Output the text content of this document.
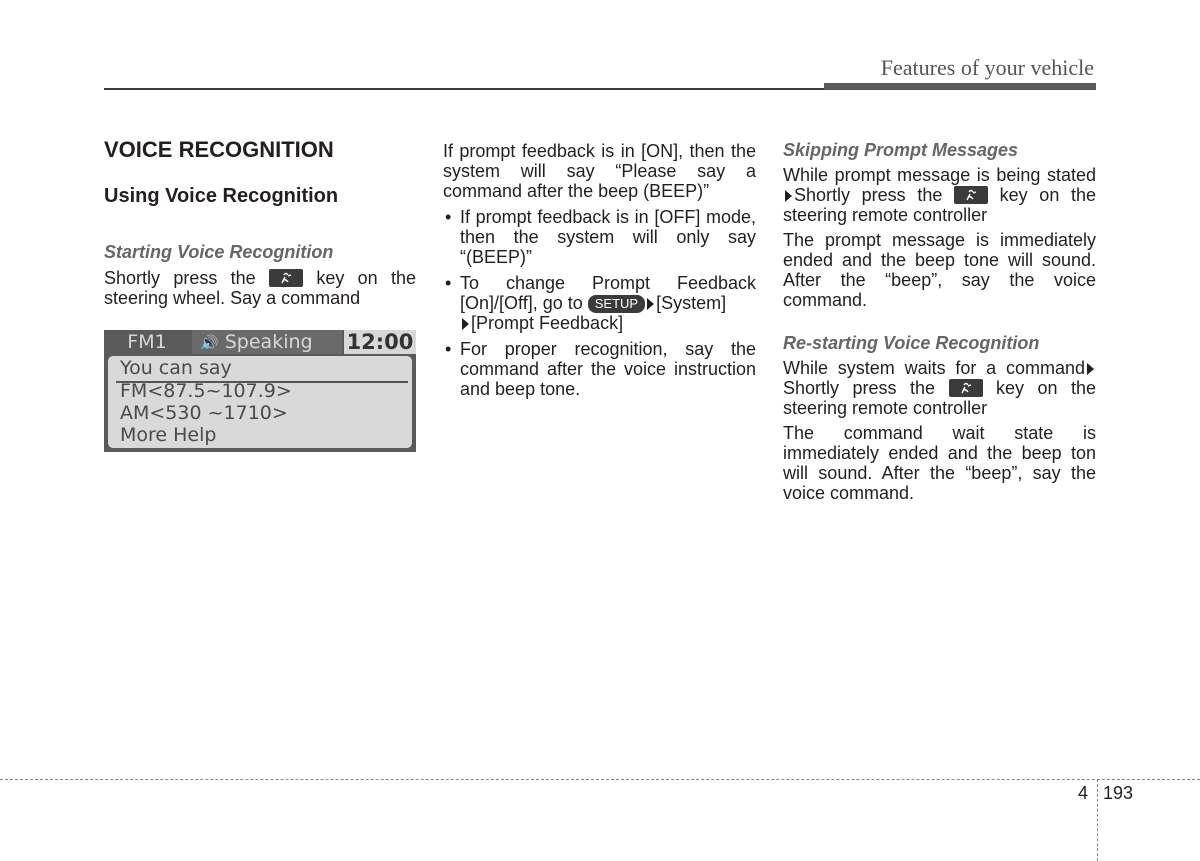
Features of your vehicle
VOICE RECOGNITION
Using Voice Recognition

Starting Voice Recognition

Shortly press the	key on the steering wheel. Say a command

FM1	🔊 Speaking	12:00
You can say
FM<87.5~107.9>
AM<530 ~1710>
More Help

If prompt feedback is in [ON], then the system will say “Please say a command after the beep (BEEP)”

• If prompt feedback is in [OFF] mode, then the system will only say “(BEEP)”
• To change Prompt Feedback [On]/[Off], go to SETUP [System]
[Prompt Feedback]
• For proper recognition, say the command after the voice instruction and beep tone.

Skipping Prompt Messages

While prompt message is being statedShortly press the	key on the steering remote controller

The prompt message is immediately ended and the beep tone will sound. After the “beep”, say the voice command.

Re-starting Voice Recognition

While system waits for a command Shortly press the	key on the steering remote controller

The command wait state is immediately ended and the beep ton will sound. After the “beep”, say the voice command.

4 193
